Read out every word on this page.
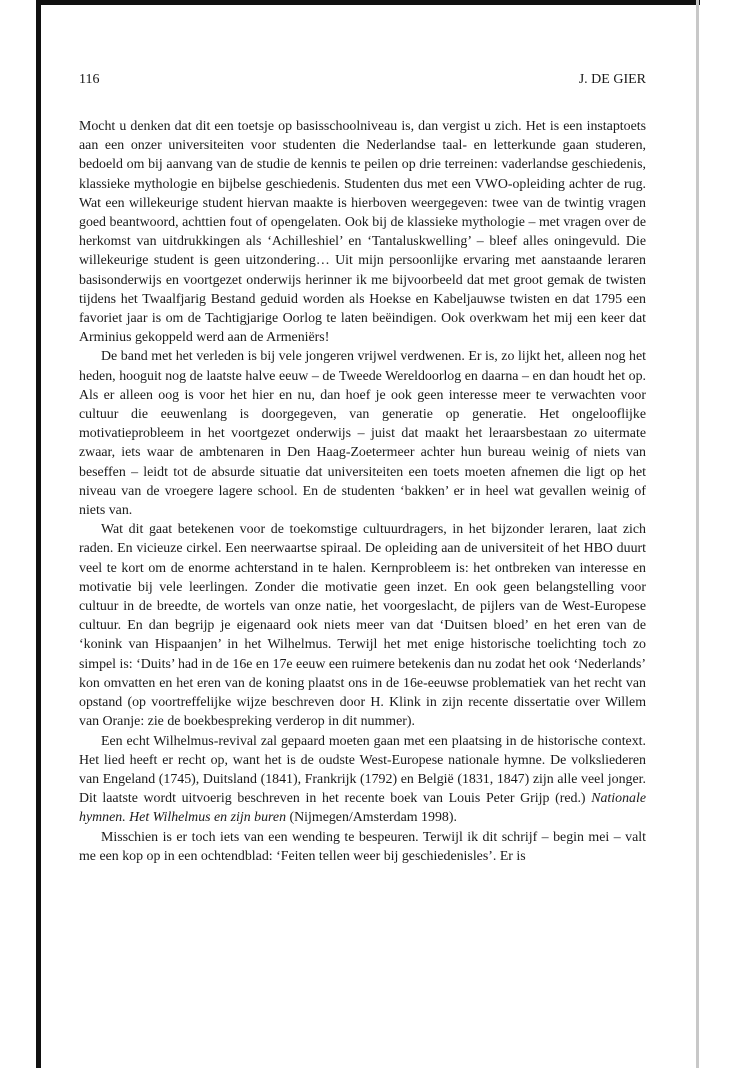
116	J. DE GIER

Mocht u denken dat dit een toetsje op basisschoolniveau is, dan vergist u zich. Het is een instaptoets aan een onzer universiteiten voor studenten die Nederlandse taal- en letterkunde gaan studeren, bedoeld om bij aanvang van de studie de kennis te peilen op drie terreinen: vaderlandse geschiedenis, klassieke mythologie en bijbelse geschiedenis. Studenten dus met een VWO-opleiding achter de rug. Wat een willekeurige student hiervan maakte is hierboven weergegeven: twee van de twintig vragen goed beantwoord, achttien fout of opengelaten. Ook bij de klassieke mythologie – met vragen over de herkomst van uitdrukkingen als ‘Achilleshiel’ en ‘Tantaluskwelling’ – bleef alles oningevuld. Die willekeurige student is geen uitzondering… Uit mijn persoonlijke ervaring met aanstaande leraren basisonderwijs en voortgezet onderwijs herinner ik me bijvoorbeeld dat met groot gemak de twisten tijdens het Twaalfjarig Bestand geduid worden als Hoekse en Kabeljauwse twisten en dat 1795 een favoriet jaar is om de Tachtigjarige Oorlog te laten beëindigen. Ook overkwam het mij een keer dat Arminius gekoppeld werd aan de Armeniërs!

De band met het verleden is bij vele jongeren vrijwel verdwenen. Er is, zo lijkt het, alleen nog het heden, hooguit nog de laatste halve eeuw – de Tweede Wereldoorlog en daarna – en dan houdt het op. Als er alleen oog is voor het hier en nu, dan hoef je ook geen interesse meer te verwachten voor cultuur die eeuwenlang is doorgegeven, van generatie op generatie. Het ongelooflijke motivatieprobleem in het voortgezet onderwijs – juist dat maakt het leraarsbestaan zo uitermate zwaar, iets waar de ambtenaren in Den Haag-Zoetermeer achter hun bureau weinig of niets van beseffen – leidt tot de absurde situatie dat universiteiten een toets moeten afnemen die ligt op het niveau van de vroegere lagere school. En de studenten ‘bakken’ er in heel wat gevallen weinig of niets van.

Wat dit gaat betekenen voor de toekomstige cultuurdragers, in het bijzonder leraren, laat zich raden. En vicieuze cirkel. Een neerwaartse spiraal. De opleiding aan de universiteit of het HBO duurt veel te kort om de enorme achterstand in te halen. Kernprobleem is: het ontbreken van interesse en motivatie bij vele leerlingen. Zonder die motivatie geen inzet. En ook geen belangstelling voor cultuur in de breedte, de wortels van onze natie, het voorgeslacht, de pijlers van de West-Europese cultuur. En dan begrijp je eigenaard ook niets meer van dat ‘Duitsen bloed’ en het eren van de ‘konink van Hispaanjen’ in het Wilhelmus. Terwijl het met enige historische toelichting toch zo simpel is: ‘Duits’ had in de 16e en 17e eeuw een ruimere betekenis dan nu zodat het ook ‘Nederlands’ kon omvatten en het eren van de koning plaatst ons in de 16e-eeuwse problematiek van het recht van opstand (op voortreffelijke wijze beschreven door H. Klink in zijn recente dissertatie over Willem van Oranje: zie de boekbespreking verderop in dit nummer).

Een echt Wilhelmus-revival zal gepaard moeten gaan met een plaatsing in de historische context. Het lied heeft er recht op, want het is de oudste West-Europese nationale hymne. De volksliederen van Engeland (1745), Duitsland (1841), Frankrijk (1792) en België (1831, 1847) zijn alle veel jonger. Dit laatste wordt uitvoerig beschreven in het recente boek van Louis Peter Grijp (red.) Nationale hymnen. Het Wilhelmus en zijn buren (Nijmegen/Amsterdam 1998).

Misschien is er toch iets van een wending te bespeuren. Terwijl ik dit schrijf – begin mei – valt me een kop op in een ochtendblad: ‘Feiten tellen weer bij geschiedenisles’. Er is
